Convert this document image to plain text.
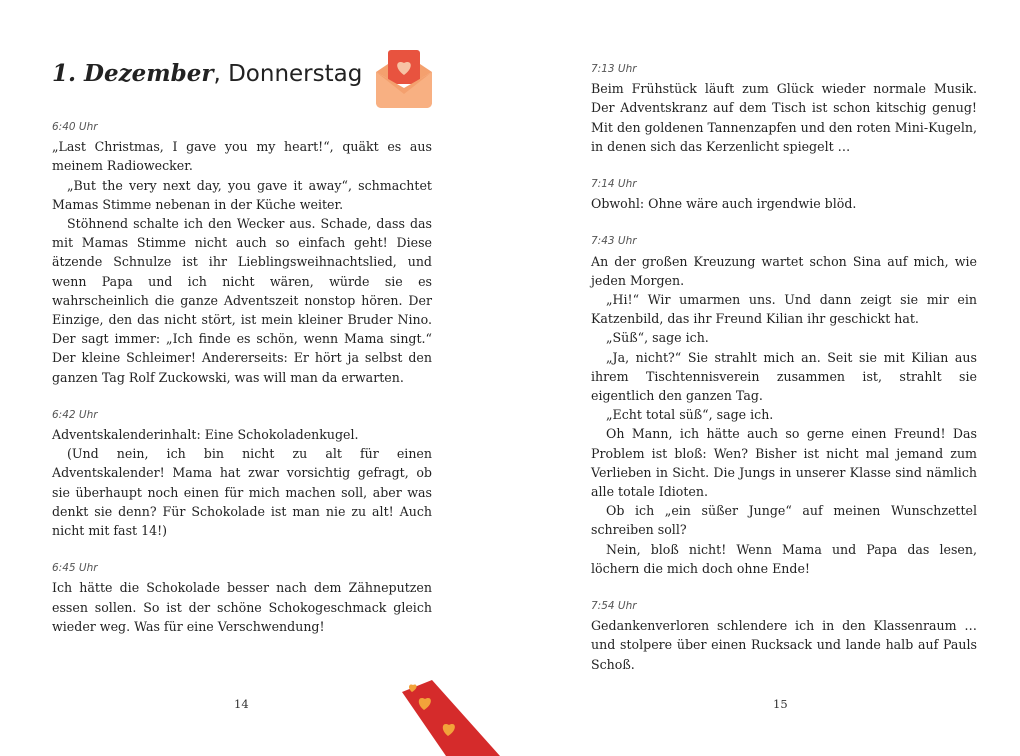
1. Dezember, Donnerstag
6:40 Uhr
„Last Christmas, I gave you my heart!“, quäkt es aus meinem Radiowecker.
„But the very next day, you gave it away“, schmachtet Mamas Stimme nebenan in der Küche weiter.
Stöhnend schalte ich den Wecker aus. Schade, dass das mit Mamas Stimme nicht auch so einfach geht! Diese ätzende Schnulze ist ihr Lieblingsweihnachtslied, und wenn Papa und ich nicht wären, würde sie es wahrscheinlich die ganze Adventszeit nonstop hören. Der Einzige, den das nicht stört, ist mein kleiner Bruder Nino. Der sagt immer: „Ich finde es schön, wenn Mama singt.“ Der kleine Schleimer! Andererseits: Er hört ja selbst den ganzen Tag Rolf Zuckowski, was will man da erwarten.
6:42 Uhr
Adventskalenderinhalt: Eine Schokoladenkugel.
(Und nein, ich bin nicht zu alt für einen Adventskalender! Mama hat zwar vorsichtig gefragt, ob sie überhaupt noch einen für mich machen soll, aber was denkt sie denn? Für Schokolade ist man nie zu alt! Auch nicht mit fast 14!)
6:45 Uhr
Ich hätte die Schokolade besser nach dem Zähneputzen essen sollen. So ist der schöne Schokogeschmack gleich wieder weg. Was für eine Verschwendung!
14
7:13 Uhr
Beim Frühstück läuft zum Glück wieder normale Musik. Der Adventskranz auf dem Tisch ist schon kitschig genug! Mit den goldenen Tannenzapfen und den roten Mini-Kugeln, in denen sich das Kerzenlicht spiegelt …
7:14 Uhr
Obwohl: Ohne wäre auch irgendwie blöd.
7:43 Uhr
An der großen Kreuzung wartet schon Sina auf mich, wie jeden Morgen.
„Hi!“ Wir umarmen uns. Und dann zeigt sie mir ein Katzenbild, das ihr Freund Kilian ihr geschickt hat.
„Süß“, sage ich.
„Ja, nicht?“ Sie strahlt mich an. Seit sie mit Kilian aus ihrem Tischtennisverein zusammen ist, strahlt sie eigentlich den ganzen Tag.
„Echt total süß“, sage ich.
Oh Mann, ich hätte auch so gerne einen Freund! Das Problem ist bloß: Wen? Bisher ist nicht mal jemand zum Verlieben in Sicht. Die Jungs in unserer Klasse sind nämlich alle totale Idioten.
Ob ich „ein süßer Junge“ auf meinen Wunschzettel schreiben soll?
Nein, bloß nicht! Wenn Mama und Papa das lesen, löchern die mich doch ohne Ende!
7:54 Uhr
Gedankenverloren schlendere ich in den Klassenraum … und stolpere über einen Rucksack und lande halb auf Pauls Schoß.
15
